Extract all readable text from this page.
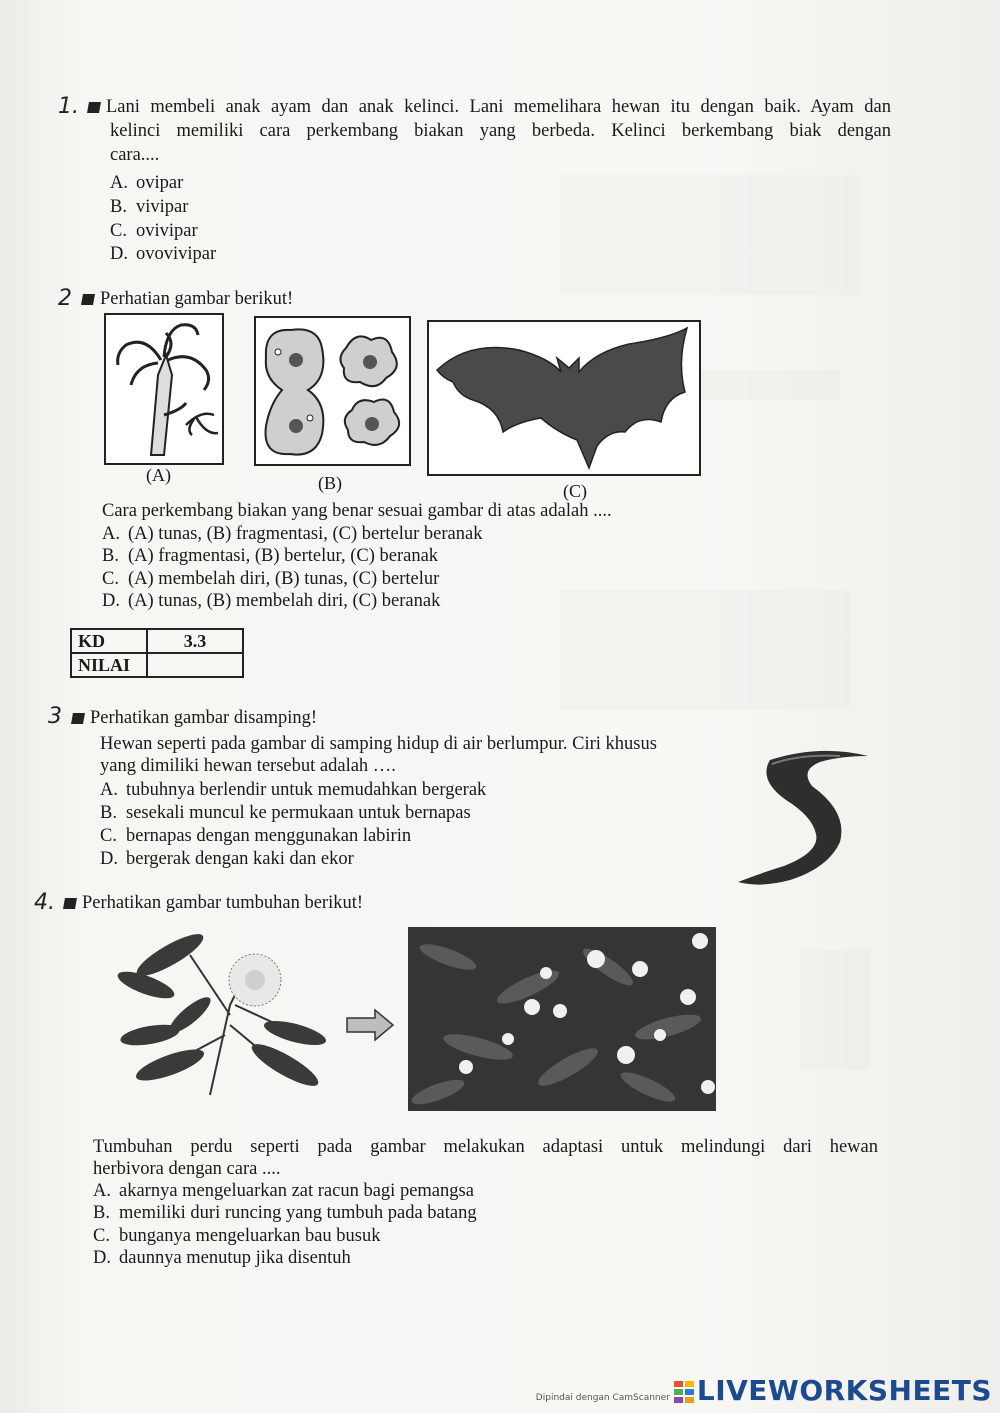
1.	Lani membeli anak ayam dan anak kelinci. Lani memelihara hewan itu dengan baik. Ayam dan
kelinci memiliki cara perkembang biakan yang berbeda. Kelinci berkembang biak dengan
cara....
A. ovipar
B. vivipar
C. ovivipar
D. ovovivipar
2	Perhatian gambar berikut!
(A)	(B)	(C)
Cara perkembang biakan yang benar sesuai gambar di atas adalah ....
A. (A) tunas, (B) fragmentasi, (C) bertelur beranak
B. (A) fragmentasi, (B) bertelur, (C) beranak
C. (A) membelah diri, (B) tunas, (C) bertelur
D. (A) tunas, (B) membelah diri, (C) beranak
KD	3.3
NILAI	
3	Perhatikan gambar disamping!
Hewan seperti pada gambar di samping hidup di air berlumpur. Ciri khusus
yang dimiliki hewan tersebut adalah ….
A. tubuhnya berlendir untuk memudahkan bergerak
B. sesekali muncul ke permukaan untuk bernapas
C. bernapas dengan menggunakan labirin
D. bergerak dengan kaki dan ekor
4.	Perhatikan gambar tumbuhan berikut!
Tumbuhan perdu seperti pada gambar melakukan adaptasi untuk melindungi dari hewan
herbivora dengan cara ....
A. akarnya mengeluarkan zat racun bagi pemangsa
B. memiliki duri runcing yang tumbuh pada batang
C. bunganya mengeluarkan bau busuk
D. daunnya menutup jika disentuh
Dipindai dengan CamScanner LIVEWORKSHEETS
